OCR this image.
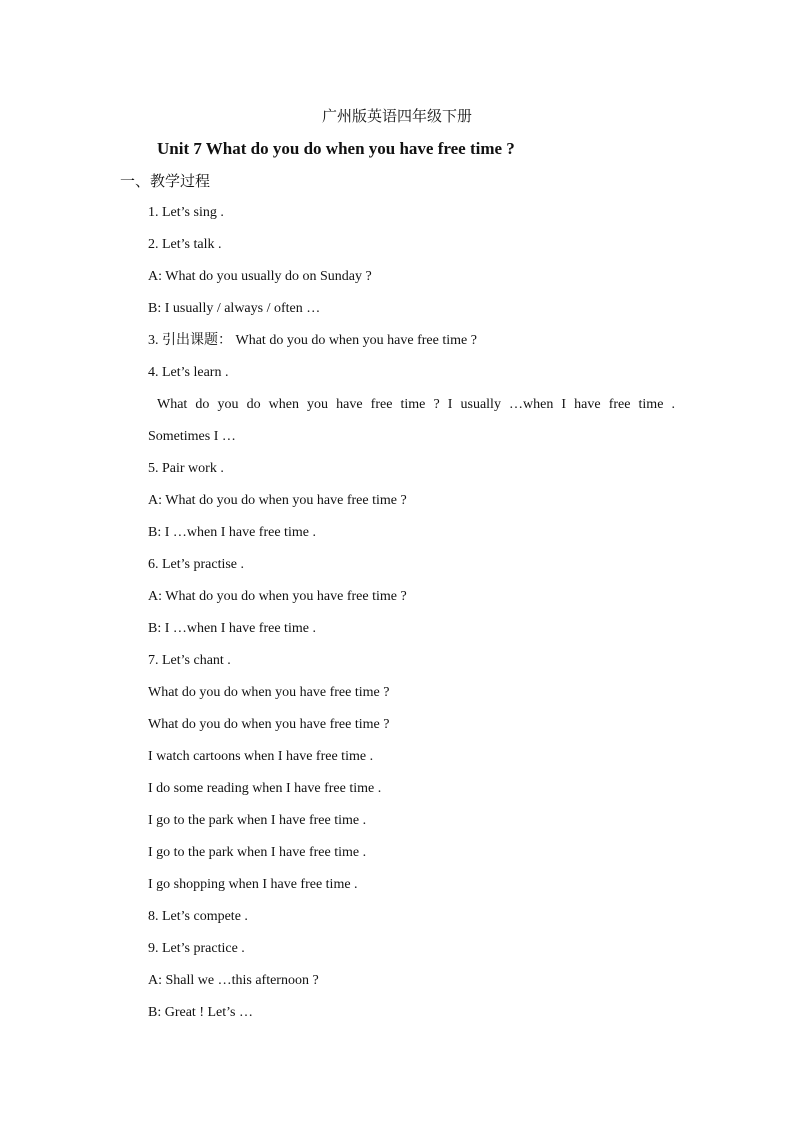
广州版英语四年级下册
Unit 7 What do you do when you have free time ?
一、教学过程
1. Let’s sing .
2. Let’s talk .
A: What do you usually do on Sunday ?
B: I usually / always / often …
3. 引出课题： What do you do when you have free time ?
4. Let’s learn .
What do you do when you have free time ? I usually …when I have free time .
Sometimes I …
5. Pair work .
A: What do you do when you have free time ?
B: I …when I have free time .
6. Let’s practise .
A: What do you do when you have free time ?
B: I …when I have free time .
7. Let’s chant .
What do you do when you have free time ?
What do you do when you have free time ?
I watch cartoons when I have free time .
I do some reading when I have free time .
I go to the park when I have free time .
I go to the park when I have free time .
I go shopping when I have free time .
8. Let’s compete .
9. Let’s practice .
A: Shall we …this afternoon ?
B: Great ! Let’s …
